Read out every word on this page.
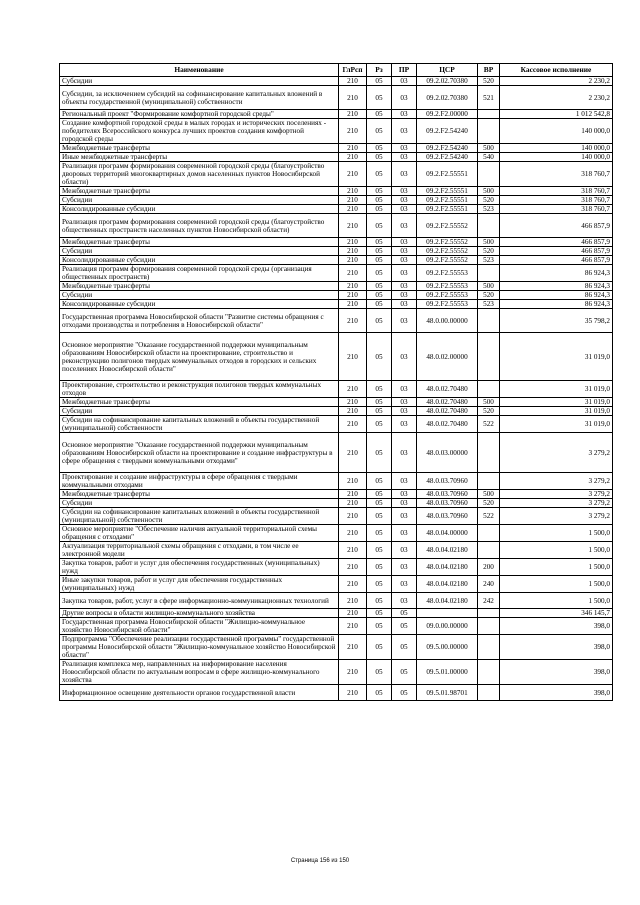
Наименование	ГлРсп	Рз	ПР	ЦСР	ВР	Кассовое исполнение
Субсидии	210	05	03	09.2.02.70380	520	2 230,2
Субсидии, за исключением субсидий на софинансирование капитальных вложений в объекты государственной (муниципальной) собственности	210	05	03	09.2.02.70380	521	2 230,2
Региональный проект "Формирование комфортной городской среды"	210	05	03	09.2.F2.00000		1 012 542,8
Создание комфортной городской среды в малых городах и исторических поселениях - победителях Всероссийского конкурса лучших проектов создания комфортной городской среды	210	05	03	09.2.F2.54240		140 000,0
Межбюджетные трансферты	210	05	03	09.2.F2.54240	500	140 000,0
Иные межбюджетные трансферты	210	05	03	09.2.F2.54240	540	140 000,0
Реализация программ формирования современной городской среды (благоустройство дворовых территорий многоквартирных домов населенных пунктов Новосибирской области)	210	05	03	09.2.F2.55551		318 760,7
Межбюджетные трансферты	210	05	03	09.2.F2.55551	500	318 760,7
Субсидии	210	05	03	09.2.F2.55551	520	318 760,7
Консолидированные субсидии	210	05	03	09.2.F2.55551	523	318 760,7
Реализация программ формирования современной городской среды (благоустройство общественных пространств населенных пунктов Новосибирской области)	210	05	03	09.2.F2.55552		466 857,9
Межбюджетные трансферты	210	05	03	09.2.F2.55552	500	466 857,9
Субсидии	210	05	03	09.2.F2.55552	520	466 857,9
Консолидированные субсидии	210	05	03	09.2.F2.55552	523	466 857,9
Реализация программ формирования современной городской среды (организация общественных пространств)	210	05	03	09.2.F2.55553		86 924,3
Межбюджетные трансферты	210	05	03	09.2.F2.55553	500	86 924,3
Субсидии	210	05	03	09.2.F2.55553	520	86 924,3
Консолидированные субсидии	210	05	03	09.2.F2.55553	523	86 924,3
Государственная программа Новосибирской области "Развитие системы обращения с отходами производства и потребления в Новосибирской области"	210	05	03	48.0.00.00000		35 798,2
Основное мероприятие "Оказание государственной поддержки муниципальным образованиям Новосибирской области на проектирование, строительство и реконструкцию полигонов твердых коммунальных отходов в городских и сельских поселениях Новосибирской области"	210	05	03	48.0.02.00000		31 019,0
Проектирование, строительство и реконструкция полигонов твердых коммунальных отходов	210	05	03	48.0.02.70480		31 019,0
Межбюджетные трансферты	210	05	03	48.0.02.70480	500	31 019,0
Субсидии	210	05	03	48.0.02.70480	520	31 019,0
Субсидии на софинансирование капитальных вложений в объекты государственной (муниципальной) собственности	210	05	03	48.0.02.70480	522	31 019,0
Основное мероприятие "Оказание государственной поддержки муниципальным образованиям Новосибирской области на проектирование и создание инфраструктуры в сфере обращения с твердыми коммунальными отходами"	210	05	03	48.0.03.00000		3 279,2
Проектирование и создание инфраструктуры в сфере обращения с твердыми коммунальными отходами	210	05	03	48.0.03.70960		3 279,2
Межбюджетные трансферты	210	05	03	48.0.03.70960	500	3 279,2
Субсидии	210	05	03	48.0.03.70960	520	3 279,2
Субсидии на софинансирование капитальных вложений в объекты государственной (муниципальной) собственности	210	05	03	48.0.03.70960	522	3 279,2
Основное мероприятие "Обеспечение наличия актуальной территориальной схемы обращения с отходами"	210	05	03	48.0.04.00000		1 500,0
Актуализация территориальной схемы обращения с отходами, в том числе ее электронной модели	210	05	03	48.0.04.02180		1 500,0
Закупка товаров, работ и услуг для обеспечения государственных (муниципальных) нужд	210	05	03	48.0.04.02180	200	1 500,0
Иные закупки товаров, работ и услуг для обеспечения государственных (муниципальных) нужд	210	05	03	48.0.04.02180	240	1 500,0
Закупка товаров, работ, услуг в сфере информационно-коммуникационных технологий	210	05	03	48.0.04.02180	242	1 500,0
Другие вопросы в области жилищно-коммунального хозяйства	210	05	05			346 145,7
Государственная программа Новосибирской области "Жилищно-коммунальное хозяйство Новосибирской области"	210	05	05	09.0.00.00000		398,0
Подпрограмма "Обеспечение реализации государственной программы" государственной программы Новосибирской области "Жилищно-коммунальное хозяйство Новосибирской области"	210	05	05	09.5.00.00000		398,0
Реализация комплекса мер, направленных на информирование населения Новосибирской области по актуальным вопросам в сфере жилищно-коммунального хозяйства	210	05	05	09.5.01.00000		398,0
Информационное освещение деятельности органов государственной власти	210	05	05	09.5.01.98701		398,0
Страница 156 из 150
